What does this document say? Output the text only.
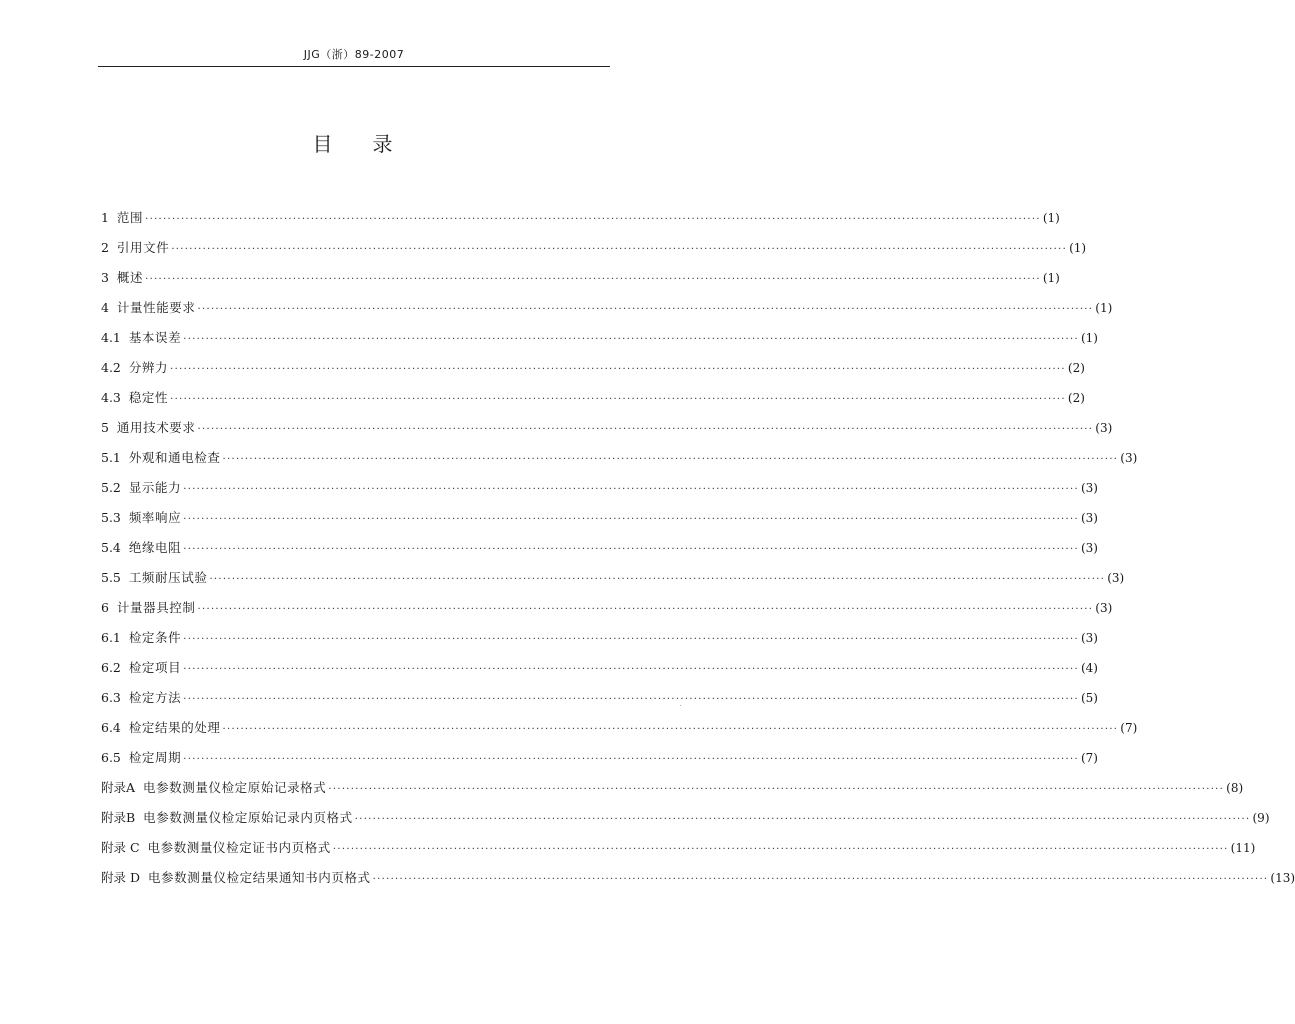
JJG（浙）89-2007
目录
1 范围 ········································································································································································································ (1)
2 引用文件 ········································································································································································································ (1)
3 概述 ········································································································································································································ (1)
4 计量性能要求 ········································································································································································································ (1)
4.1 基本误差 ········································································································································································································ (1)
4.2 分辨力 ········································································································································································································ (2)
4.3 稳定性 ········································································································································································································ (2)
5 通用技术要求 ········································································································································································································ (3)
5.1 外观和通电检查 ········································································································································································································ (3)
5.2 显示能力 ········································································································································································································ (3)
5.3 频率响应 ········································································································································································································ (3)
5.4 绝缘电阻 ········································································································································································································ (3)
5.5 工频耐压试验 ········································································································································································································ (3)
6 计量器具控制 ········································································································································································································ (3)
6.1 检定条件 ········································································································································································································ (3)
6.2 检定项目 ········································································································································································································ (4)
6.3 检定方法 ········································································································································································································ (5)
6.4 检定结果的处理 ········································································································································································································ (7)
6.5 检定周期 ········································································································································································································ (7)
附录A 电参数测量仪检定原始记录格式 ········································································································································································································ (8)
附录B 电参数测量仪检定原始记录内页格式 ········································································································································································································ (9)
附录 C 电参数测量仪检定证书内页格式 ········································································································································································································ (11)
附录 D 电参数测量仪检定结果通知书内页格式 ········································································································································································································ (13)
